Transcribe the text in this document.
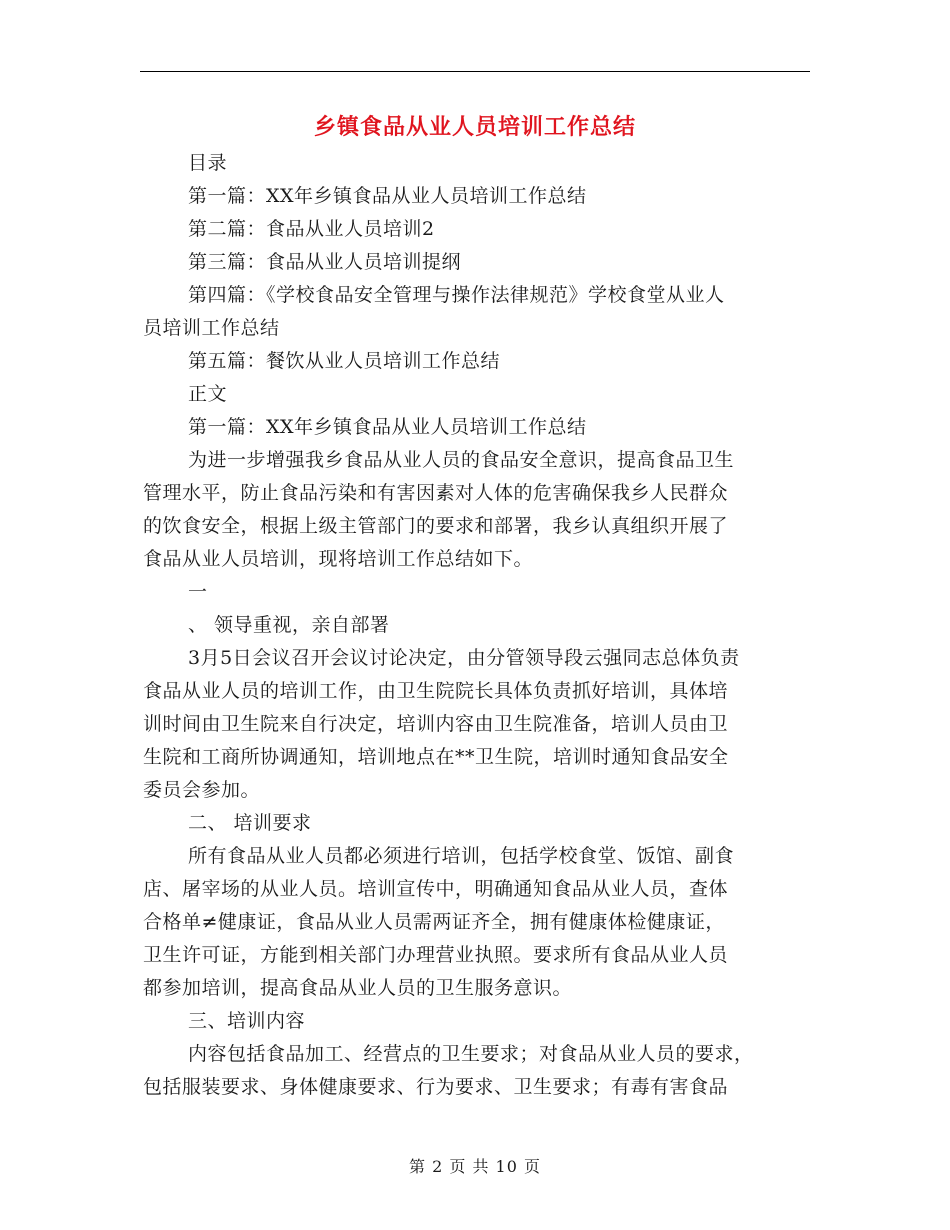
乡镇食品从业人员培训工作总结
目录
第一篇：XX年乡镇食品从业人员培训工作总结
第二篇：食品从业人员培训2
第三篇：食品从业人员培训提纲
第四篇：《学校食品安全管理与操作法律规范》学校食堂从业人
员培训工作总结
第五篇：餐饮从业人员培训工作总结
正文
第一篇：XX年乡镇食品从业人员培训工作总结
为进一步增强我乡食品从业人员的食品安全意识，提高食品卫生
管理水平，防止食品污染和有害因素对人体的危害确保我乡人民群众
的饮食安全，根据上级主管部门的要求和部署，我乡认真组织开展了
食品从业人员培训，现将培训工作总结如下。
一
、 领导重视，亲自部署
3月5日会议召开会议讨论决定，由分管领导段云强同志总体负责
食品从业人员的培训工作，由卫生院院长具体负责抓好培训，具体培
训时间由卫生院来自行决定，培训内容由卫生院准备，培训人员由卫
生院和工商所协调通知，培训地点在**卫生院，培训时通知食品安全
委员会参加。
二、 培训要求
所有食品从业人员都必须进行培训，包括学校食堂、饭馆、副食
店、屠宰场的从业人员。培训宣传中，明确通知食品从业人员，查体
合格单≠健康证，食品从业人员需两证齐全，拥有健康体检健康证，
卫生许可证，方能到相关部门办理营业执照。要求所有食品从业人员
都参加培训，提高食品从业人员的卫生服务意识。
三、培训内容
内容包括食品加工、经营点的卫生要求；对食品从业人员的要求，
包括服装要求、身体健康要求、行为要求、卫生要求；有毒有害食品
第 2 页 共 10 页
